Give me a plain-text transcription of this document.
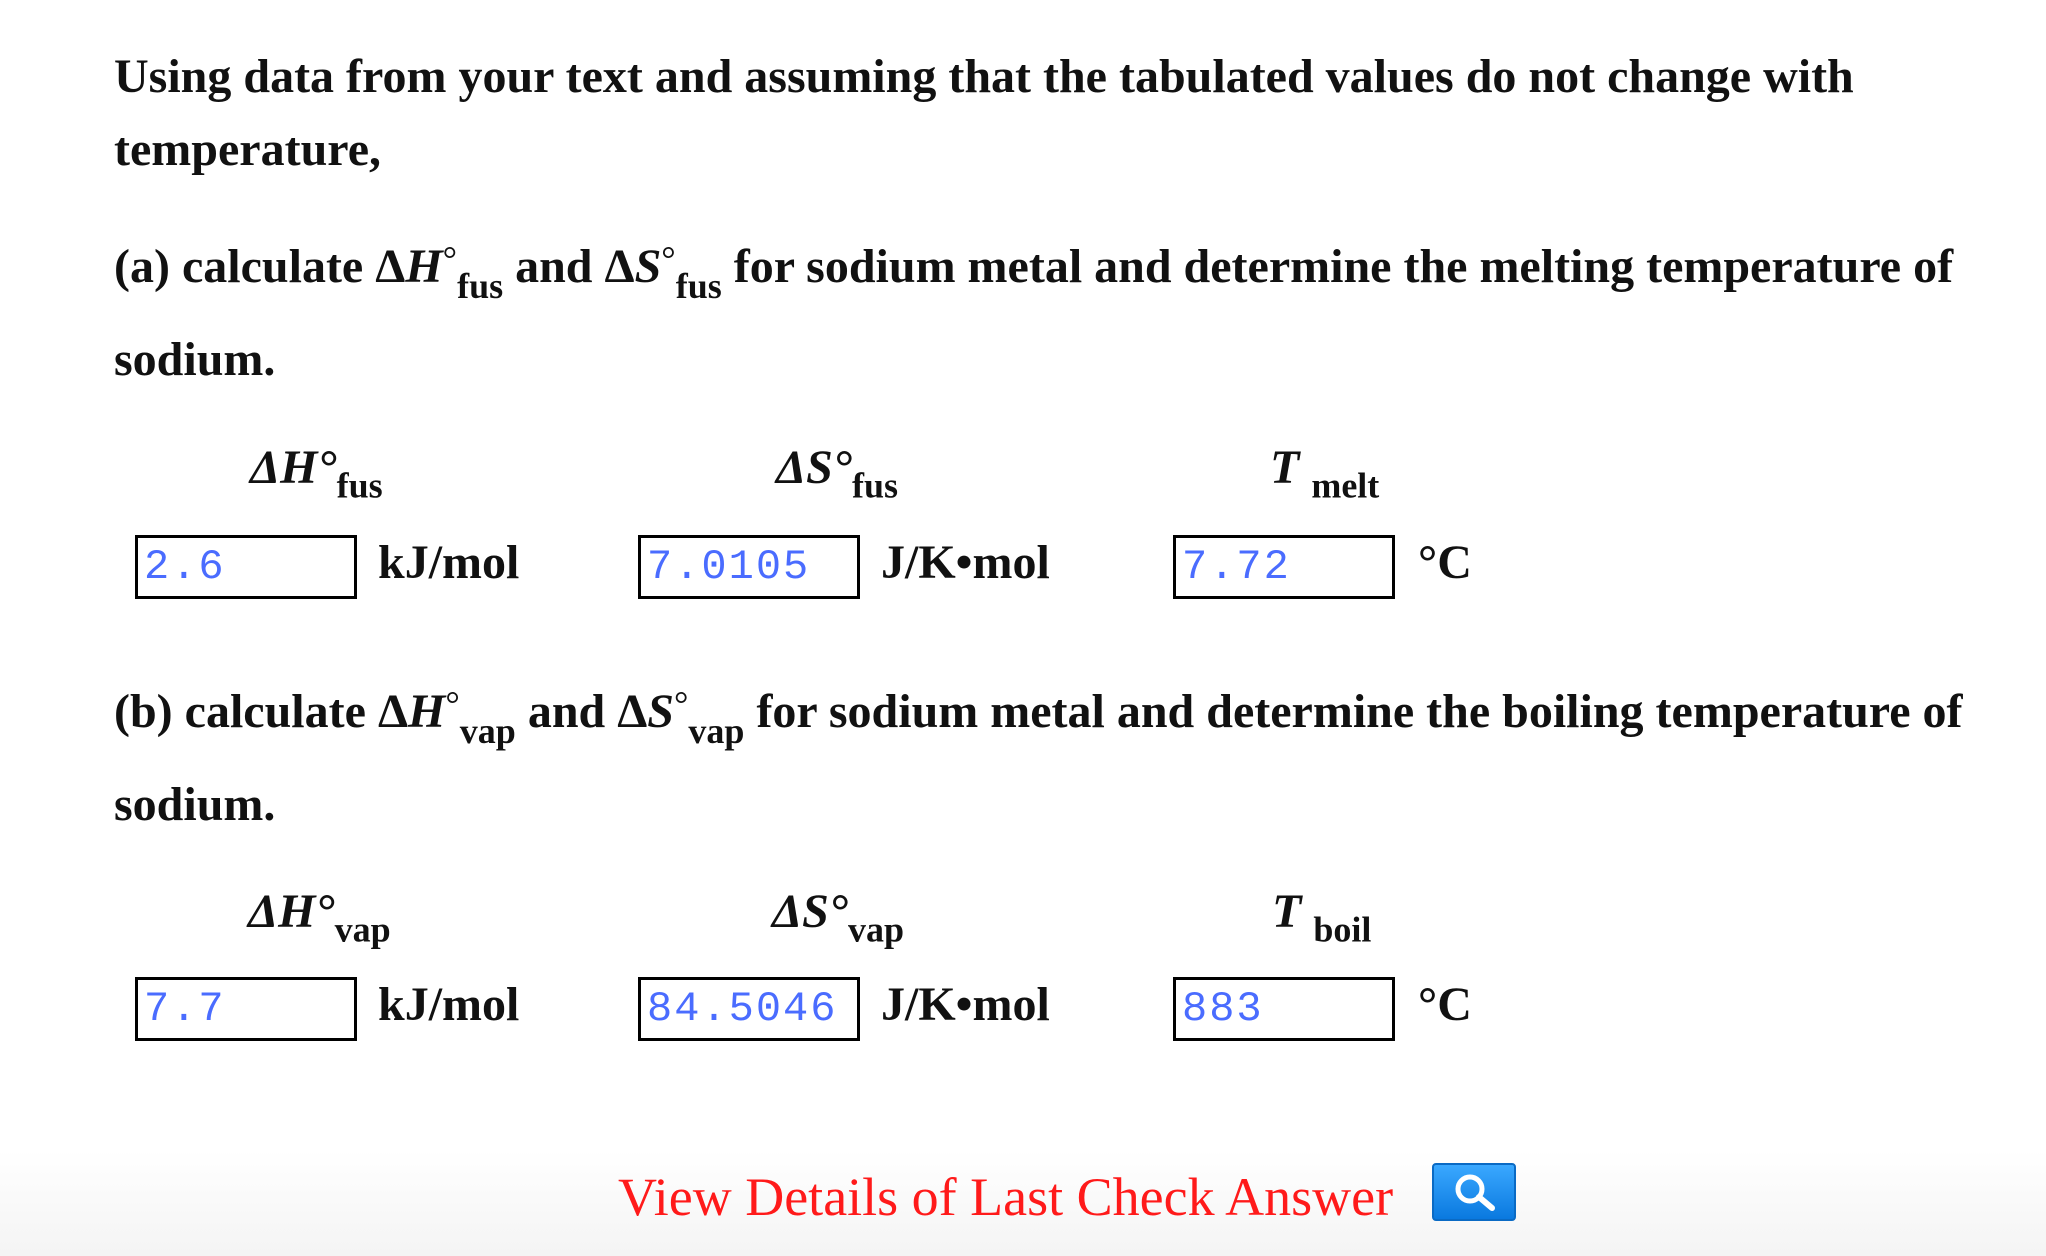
Using data from your text and assuming that the tabulated values do not change with temperature,

(a) calculate $\Delta H^\circ_{fus}$ and $\Delta S^\circ_{fus}$ for sodium metal and determine the melting temperature of sodium.

$\Delta H^\circ_{fus}$	$\Delta S^\circ_{fus}$	T $_{melt}$
2.6	kJ/mol	7.0105	J/K•mol	7.72	°C

(b) calculate $\Delta H^\circ_{vap}$ and $\Delta S^\circ_{vap}$ for sodium metal and determine the boiling temperature of sodium.

$\Delta H^\circ_{vap}$	$\Delta S^\circ_{vap}$	T $_{boil}$
7.7	kJ/mol	84.5046 J/K•mol	883	°C
View Details of Last Check Answer
